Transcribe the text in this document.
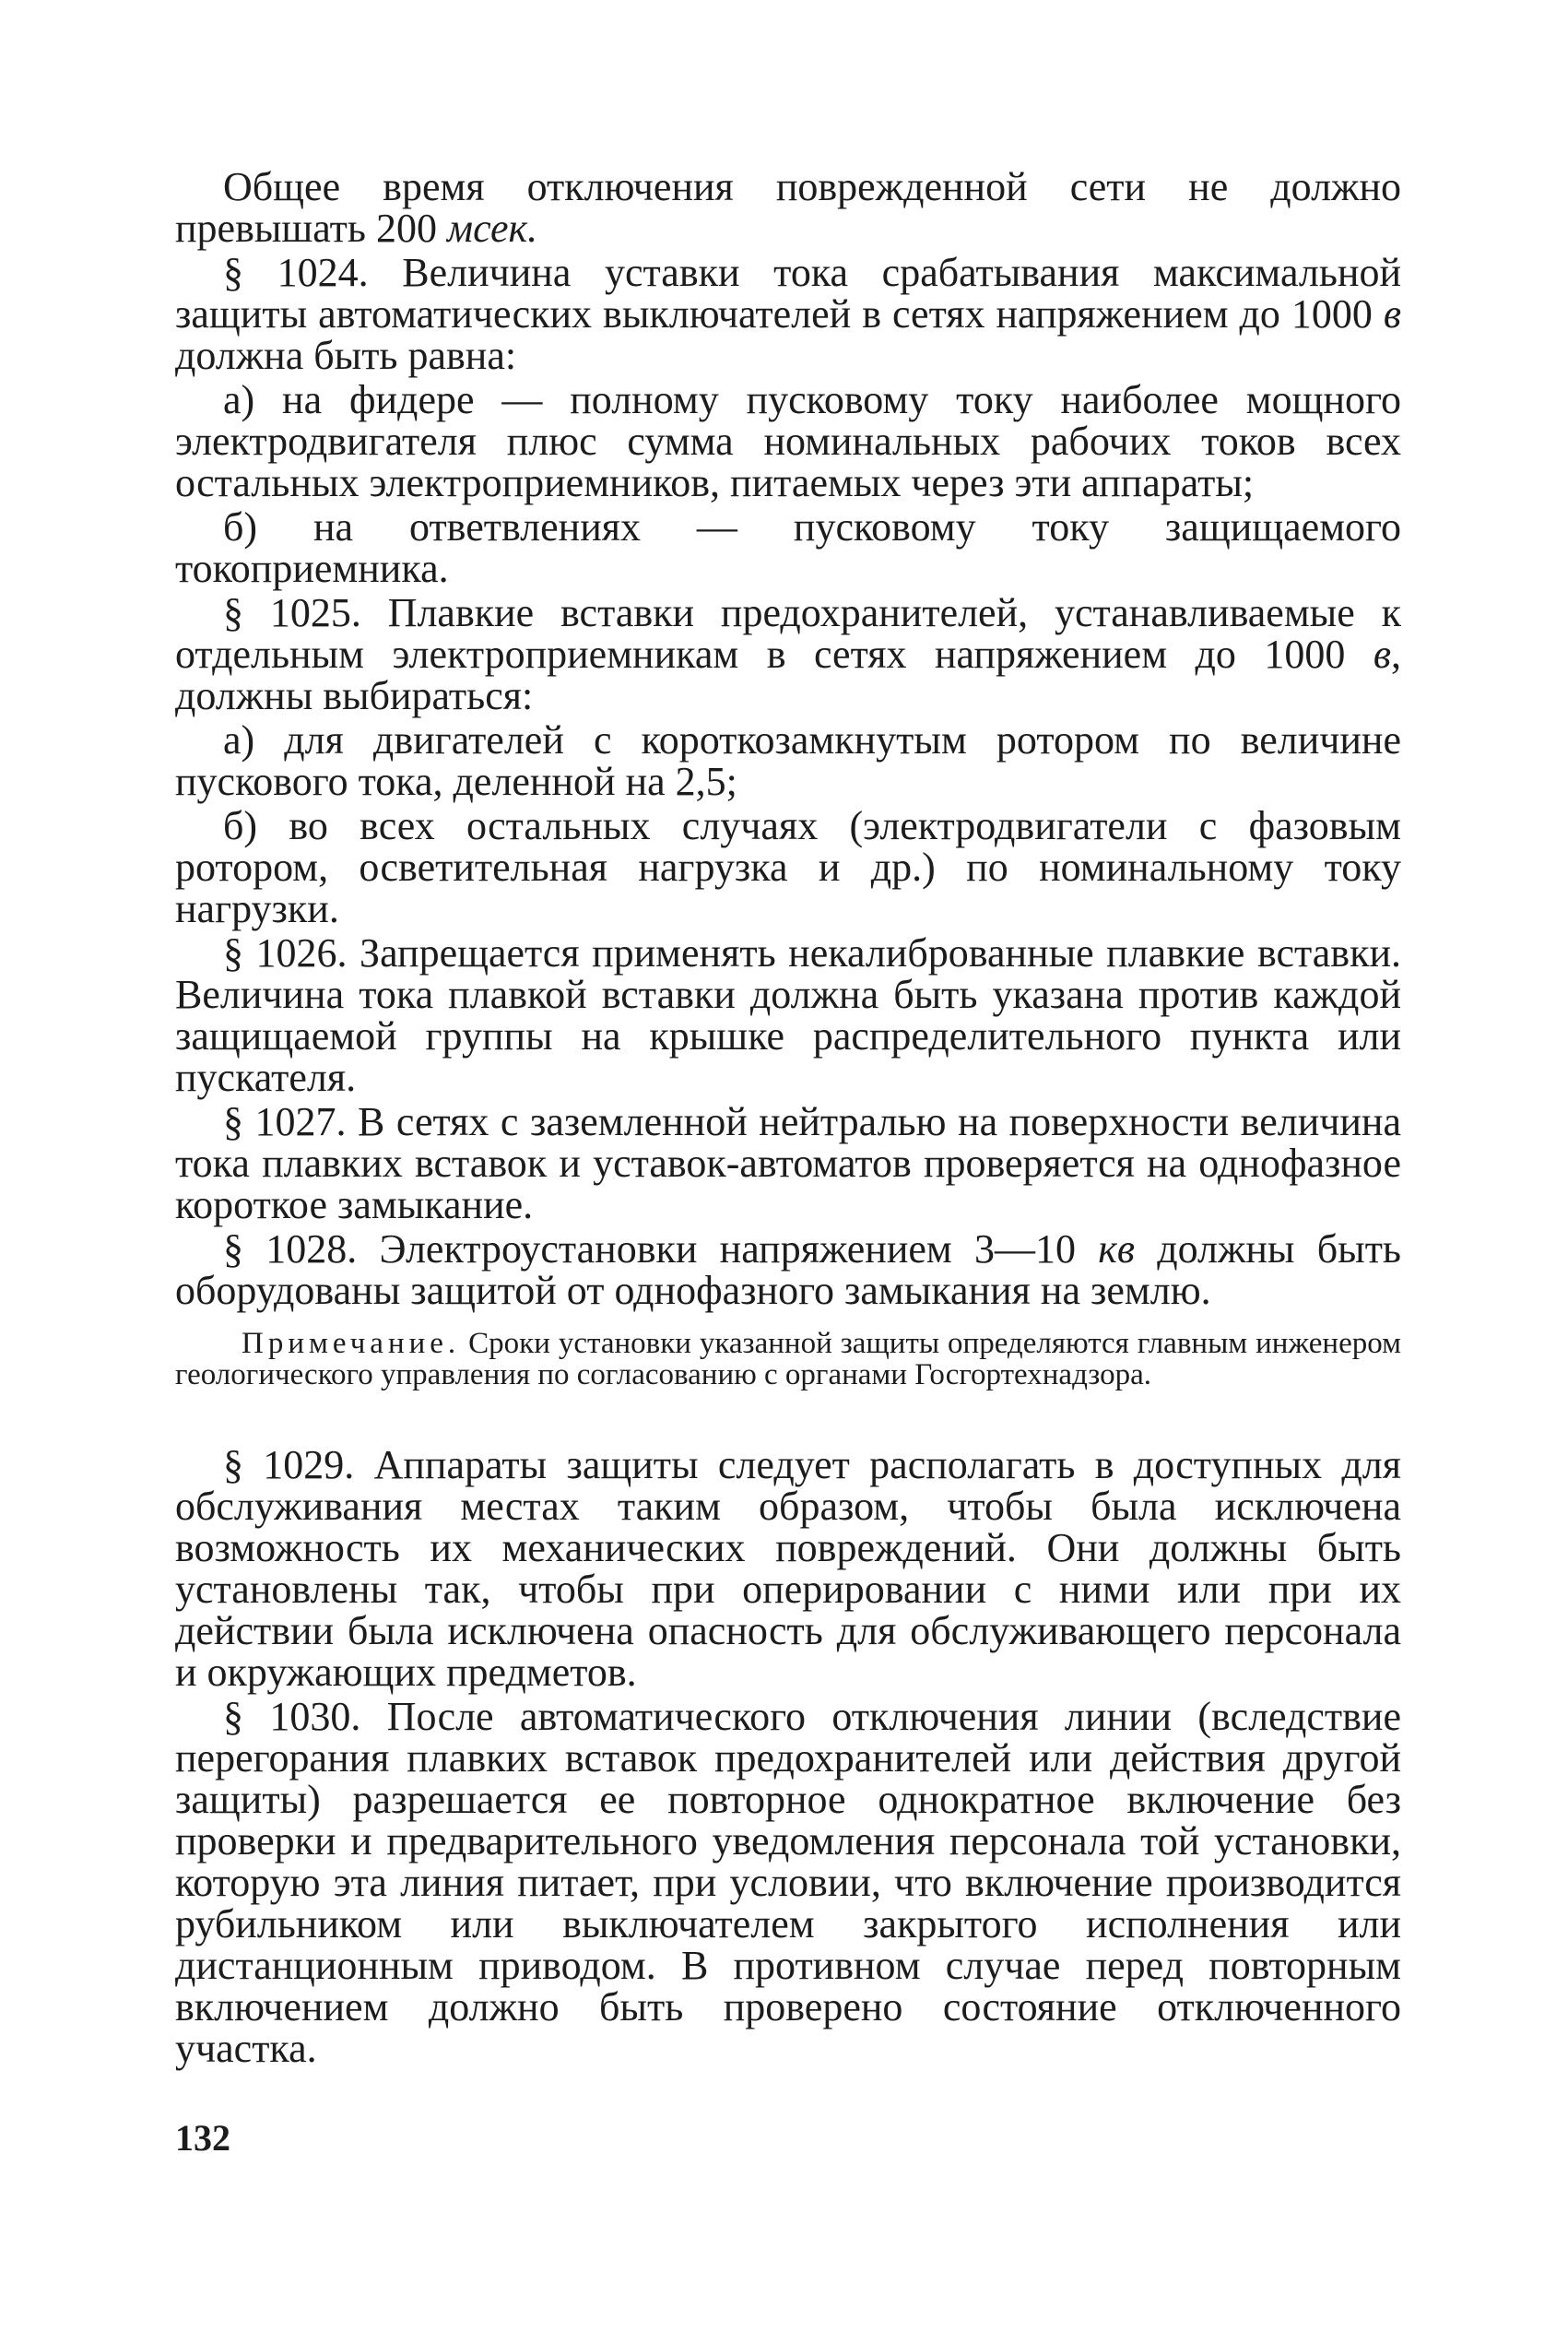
Общее время отключения поврежденной сети не должно превышать 200 мсек.

§ 1024. Величина уставки тока срабатывания максимальной защиты автоматических выключателей в сетях напряжением до 1000 в должна быть равна:

а) на фидере — полному пусковому току наиболее мощного электродвигателя плюс сумма номинальных рабочих токов всех остальных электроприемников, питаемых через эти аппараты;

б) на ответвлениях — пусковому току защищаемого токоприемника.

§ 1025. Плавкие вставки предохранителей, устанавливаемые к отдельным электроприемникам в сетях напряжением до 1000 в, должны выбираться:

а) для двигателей с короткозамкнутым ротором по величине пускового тока, деленной на 2,5;

б) во всех остальных случаях (электродвигатели с фазовым ротором, осветительная нагрузка и др.) по номинальному току нагрузки.

§ 1026. Запрещается применять некалиброванные плавкие вставки. Величина тока плавкой вставки должна быть указана против каждой защищаемой группы на крышке распределительного пункта или пускателя.

§ 1027. В сетях с заземленной нейтралью на поверхности величина тока плавких вставок и уставок-автоматов проверяется на однофазное короткое замыкание.

§ 1028. Электроустановки напряжением 3—10 кв должны быть оборудованы защитой от однофазного замыкания на землю.

Примечание. Сроки установки указанной защиты определяются главным инженером геологического управления по согласованию с органами Госгортехнадзора.

§ 1029. Аппараты защиты следует располагать в доступных для обслуживания местах таким образом, чтобы была исключена возможность их механических повреждений. Они должны быть установлены так, чтобы при оперировании с ними или при их действии была исключена опасность для обслуживающего персонала и окружающих предметов.

§ 1030. После автоматического отключения линии (вследствие перегорания плавких вставок предохранителей или действия другой защиты) разрешается ее повторное однократное включение без проверки и предварительного уведомления персонала той установки, которую эта линия питает, при условии, что включение производится рубильником или выключателем закрытого исполнения или дистанционным приводом. В противном случае перед повторным включением должно быть проверено состояние отключенного участка.

132
